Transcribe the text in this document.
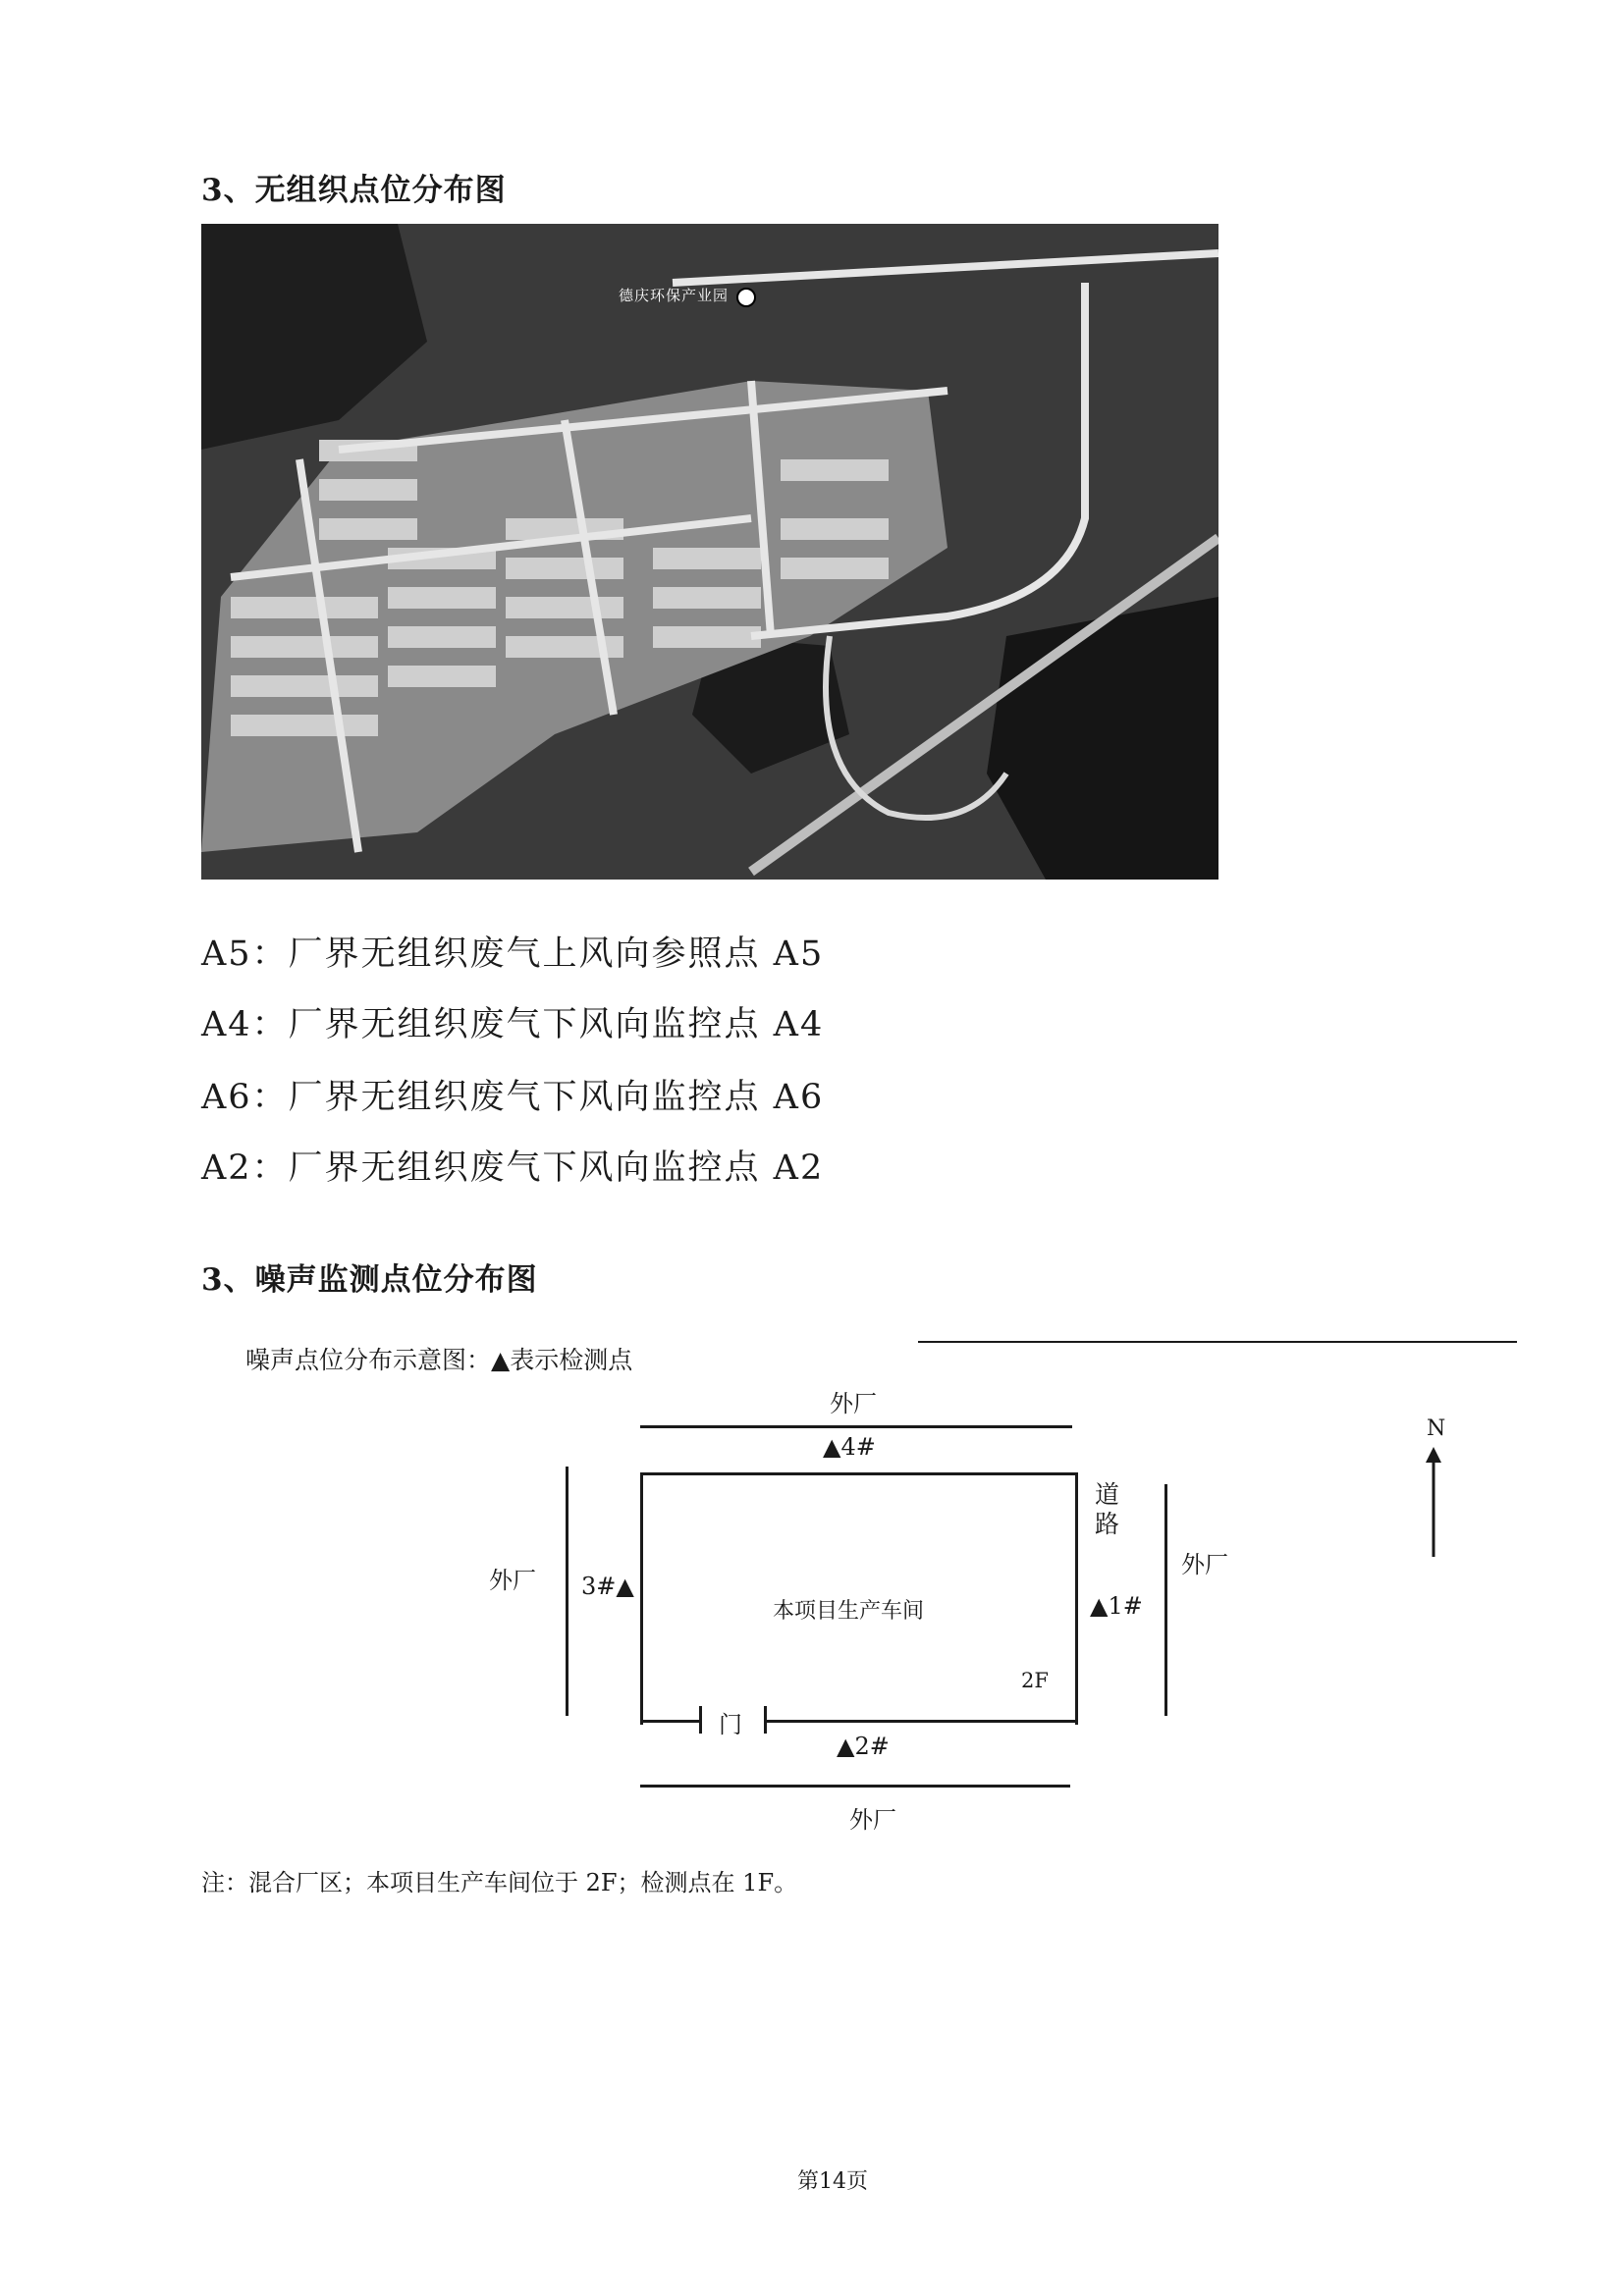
3、无组织点位分布图
德庆环保产业园
A5：厂界无组织废气上风向参照点 A5
A4：厂界无组织废气下风向监控点 A4
A6：厂界无组织废气下风向监控点 A6
A2：厂界无组织废气下风向监控点 A2
3、噪声监测点位分布图
噪声点位分布示意图：▲表示检测点
外厂
▲4#
门
本项目生产车间
2F
道路
外厂 3#▲
▲1#
外厂
▲2#
外厂
N
注：混合厂区；本项目生产车间位于 2F；检测点在 1F。
第14页
